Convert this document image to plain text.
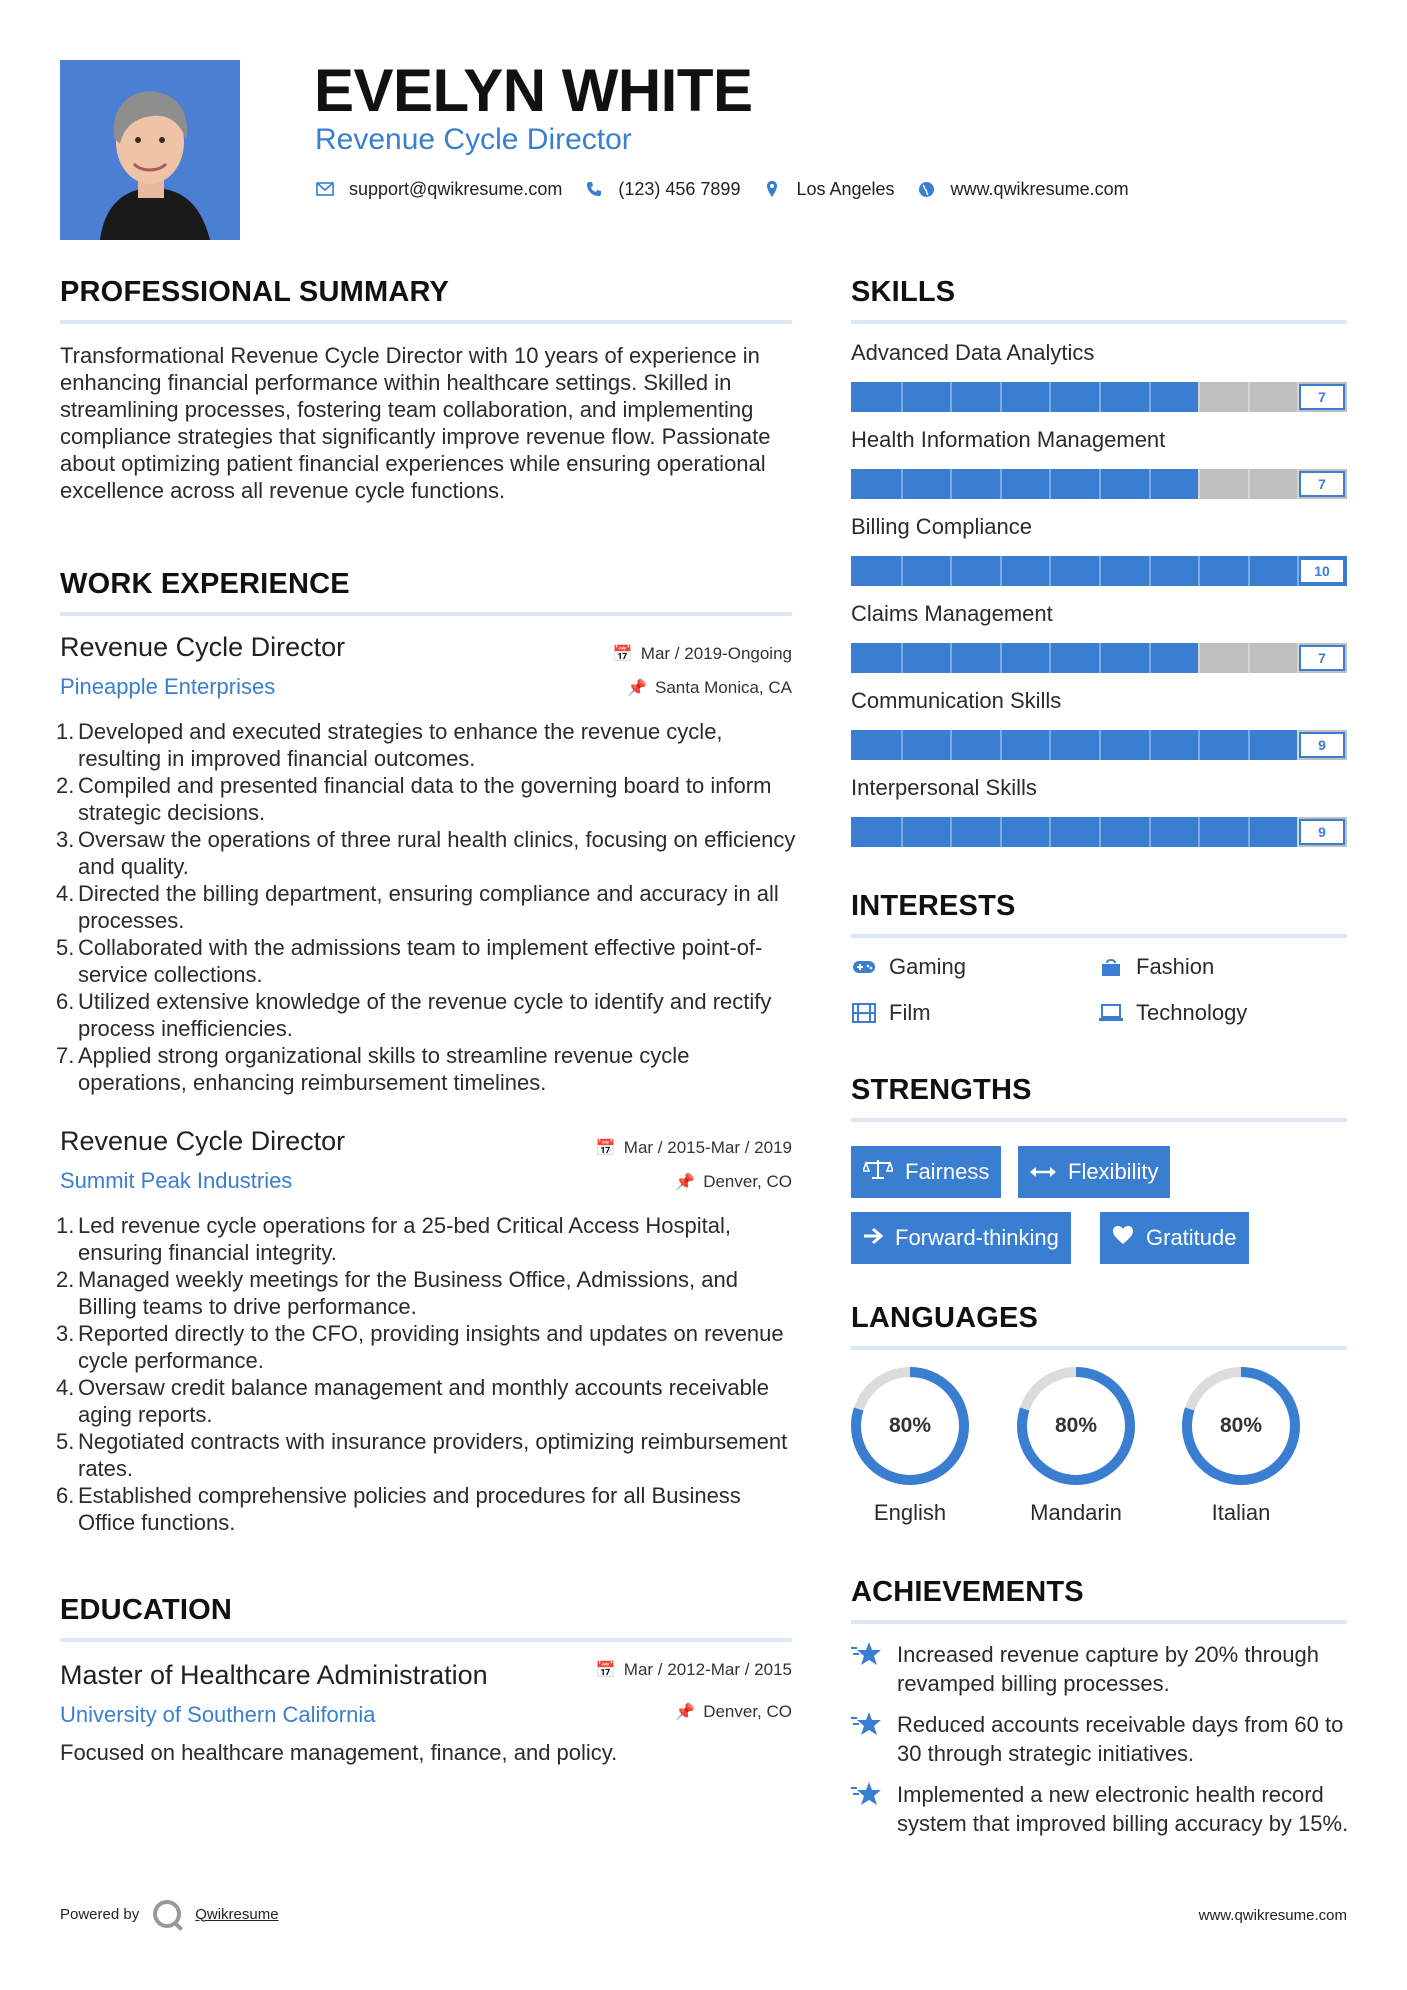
EVELYN WHITE
Revenue Cycle Director
support@qwikresume.com	(123) 456 7899	Los Angeles	www.qwikresume.com
PROFESSIONAL SUMMARY
Transformational Revenue Cycle Director with 10 years of experience in enhancing financial performance within healthcare settings. Skilled in streamlining processes, fostering team collaboration, and implementing compliance strategies that significantly improve revenue flow. Passionate about optimizing patient financial experiences while ensuring operational excellence across all revenue cycle functions.
WORK EXPERIENCE
Revenue Cycle Director	📅 Mar / 2019-Ongoing
Pineapple Enterprises	📌 Santa Monica, CA
1. Developed and executed strategies to enhance the revenue cycle, resulting in improved financial outcomes.
2. Compiled and presented financial data to the governing board to inform strategic decisions.
3. Oversaw the operations of three rural health clinics, focusing on efficiency and quality.
4. Directed the billing department, ensuring compliance and accuracy in all processes.
5. Collaborated with the admissions team to implement effective point-of-service collections.
6. Utilized extensive knowledge of the revenue cycle to identify and rectify process inefficiencies.
7. Applied strong organizational skills to streamline revenue cycle operations, enhancing reimbursement timelines.
Revenue Cycle Director	📅 Mar / 2015-Mar / 2019
Summit Peak Industries	📌 Denver, CO
1. Led revenue cycle operations for a 25-bed Critical Access Hospital, ensuring financial integrity.
2. Managed weekly meetings for the Business Office, Admissions, and Billing teams to drive performance.
3. Reported directly to the CFO, providing insights and updates on revenue cycle performance.
4. Oversaw credit balance management and monthly accounts receivable aging reports.
5. Negotiated contracts with insurance providers, optimizing reimbursement rates.
6. Established comprehensive policies and procedures for all Business Office functions.
EDUCATION
Master of Healthcare Administration	📅 Mar / 2012-Mar / 2015
University of Southern California	📌 Denver, CO
Focused on healthcare management, finance, and policy.
SKILLS
Advanced Data Analytics
7
Health Information Management
7
Billing Compliance
10
Claims Management
7
Communication Skills
9
Interpersonal Skills
9
INTERESTS
Gaming	Fashion
Film	Technology
STRENGTHS
Fairness	Flexibility
Forward-thinking	Gratitude
LANGUAGES
80%
English
80%
Mandarin
80%
Italian
ACHIEVEMENTS
Increased revenue capture by 20% through revamped billing processes.
Reduced accounts receivable days from 60 to 30 through strategic initiatives.
Implemented a new electronic health record system that improved billing accuracy by 15%.
Powered by	Qwikresume	www.qwikresume.com
